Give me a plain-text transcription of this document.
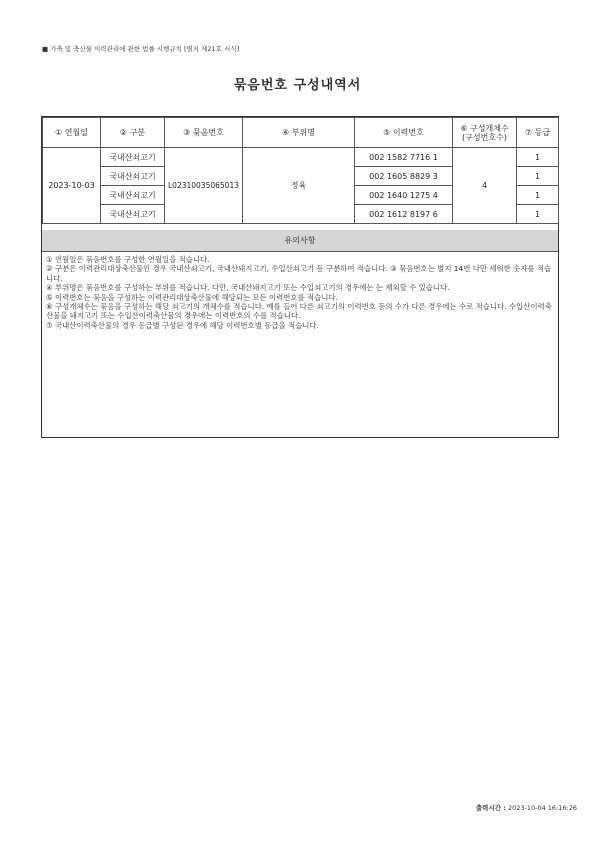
■ 가축 및 축산물 이력관리에 관한 법률 시행규칙 [별지 제21호 서식]
묶음번호 구성내역서
① 연월일	② 구분	③ 묶음번호	④ 부위명	⑤ 이력번호	⑥ 구성개체수 (구성번호수)	⑦ 등급
2023-10-03	국내산쇠고기	L02310035065013	정육	002 1582 7716 1	4	1
	국내산쇠고기			002 1605 8829 3		1
	국내산쇠고기			002 1640 1275 4		1
	국내산쇠고기			002 1612 8197 6		1
유의사항

① 연월일은 묶음번호를 구성한 연월일을 적습니다.

② 구분은 이력관리대상축산물인 경우 국내산쇠고기, 국내산돼지고기, 수입산쇠고기 등 구분하여 적습니다. ③ 묶음번호는 별지 14번 다만 세워한 숫자를 적습니다.

④ 부위명은 묶음번호를 구성하는 부위를 적습니다. 다만, 국내산돼지고기 또는 수입쇠고기의 경우에는 는 제외할 수 있습니다.

⑤ 이력번호는 묶음을 구성하는 이력관리대상축산물에 해당되는 모든 이력번호를 적습니다.

⑥ 구성개체수는 묶음을 구성하는 해당 쇠고기의 개체수를 적습니다. 예를 들어 다른 쇠고기의 이력번호 등의 수가 다른 경우에는 수로 적습니다. 수입산이력축산물을 돼지고기 또는 수입산이력축산물의 경우에는 이력번호의 수를 적습니다.

⑦ 국내산이력축산물의 경우 등급별 구성된 경우에 해당 이력번호별 등급을 적습니다.

출력시간 : 2023-10-04 16:16:26
